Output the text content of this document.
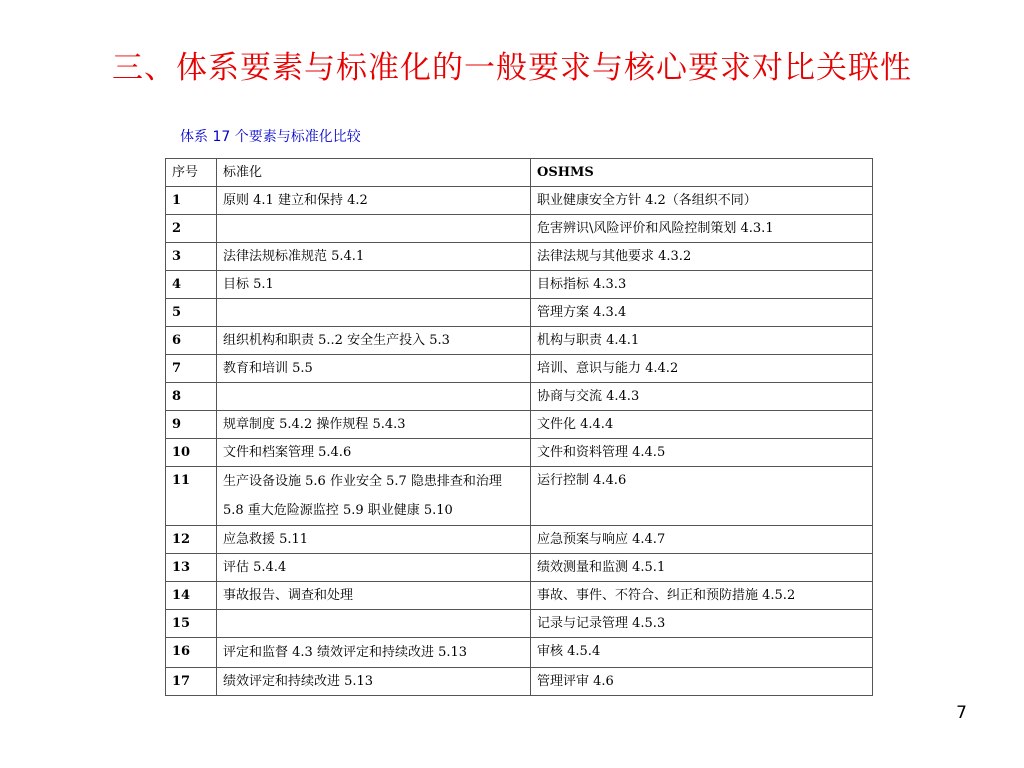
三、体系要素与标准化的一般要求与核心要求对比关联性
体系 17 个要素与标准化比较
序号	标准化	OSHMS
1	原则 4.1 建立和保持 4.2	职业健康安全方针 4.2（各组织不同）
2		危害辨识\风险评价和风险控制策划 4.3.1
3	法律法规标准规范 5.4.1	法律法规与其他要求 4.3.2
4	目标 5.1	目标指标 4.3.3
5		管理方案 4.3.4
6	组织机构和职责 5..2 安全生产投入 5.3	机构与职责 4.4.1
7	教育和培训 5.5	培训、意识与能力 4.4.2
8		协商与交流 4.4.3
9	规章制度 5.4.2 操作规程 5.4.3	文件化 4.4.4
10	文件和档案管理 5.4.6	文件和资料管理 4.4.5
11	生产设备设施 5.6 作业安全 5.7 隐患排查和治理 5.8 重大危险源监控 5.9 职业健康 5.10	运行控制 4.4.6
12	应急救援 5.11	应急预案与响应 4.4.7
13	评估 5.4.4	绩效测量和监测 4.5.1
14	事故报告、调查和处理	事故、事件、不符合、纠正和预防措施 4.5.2
15		记录与记录管理 4.5.3
16	评定和监督 4.3 绩效评定和持续改进 5.13	审核 4.5.4
17	绩效评定和持续改进 5.13	管理评审 4.6
7
